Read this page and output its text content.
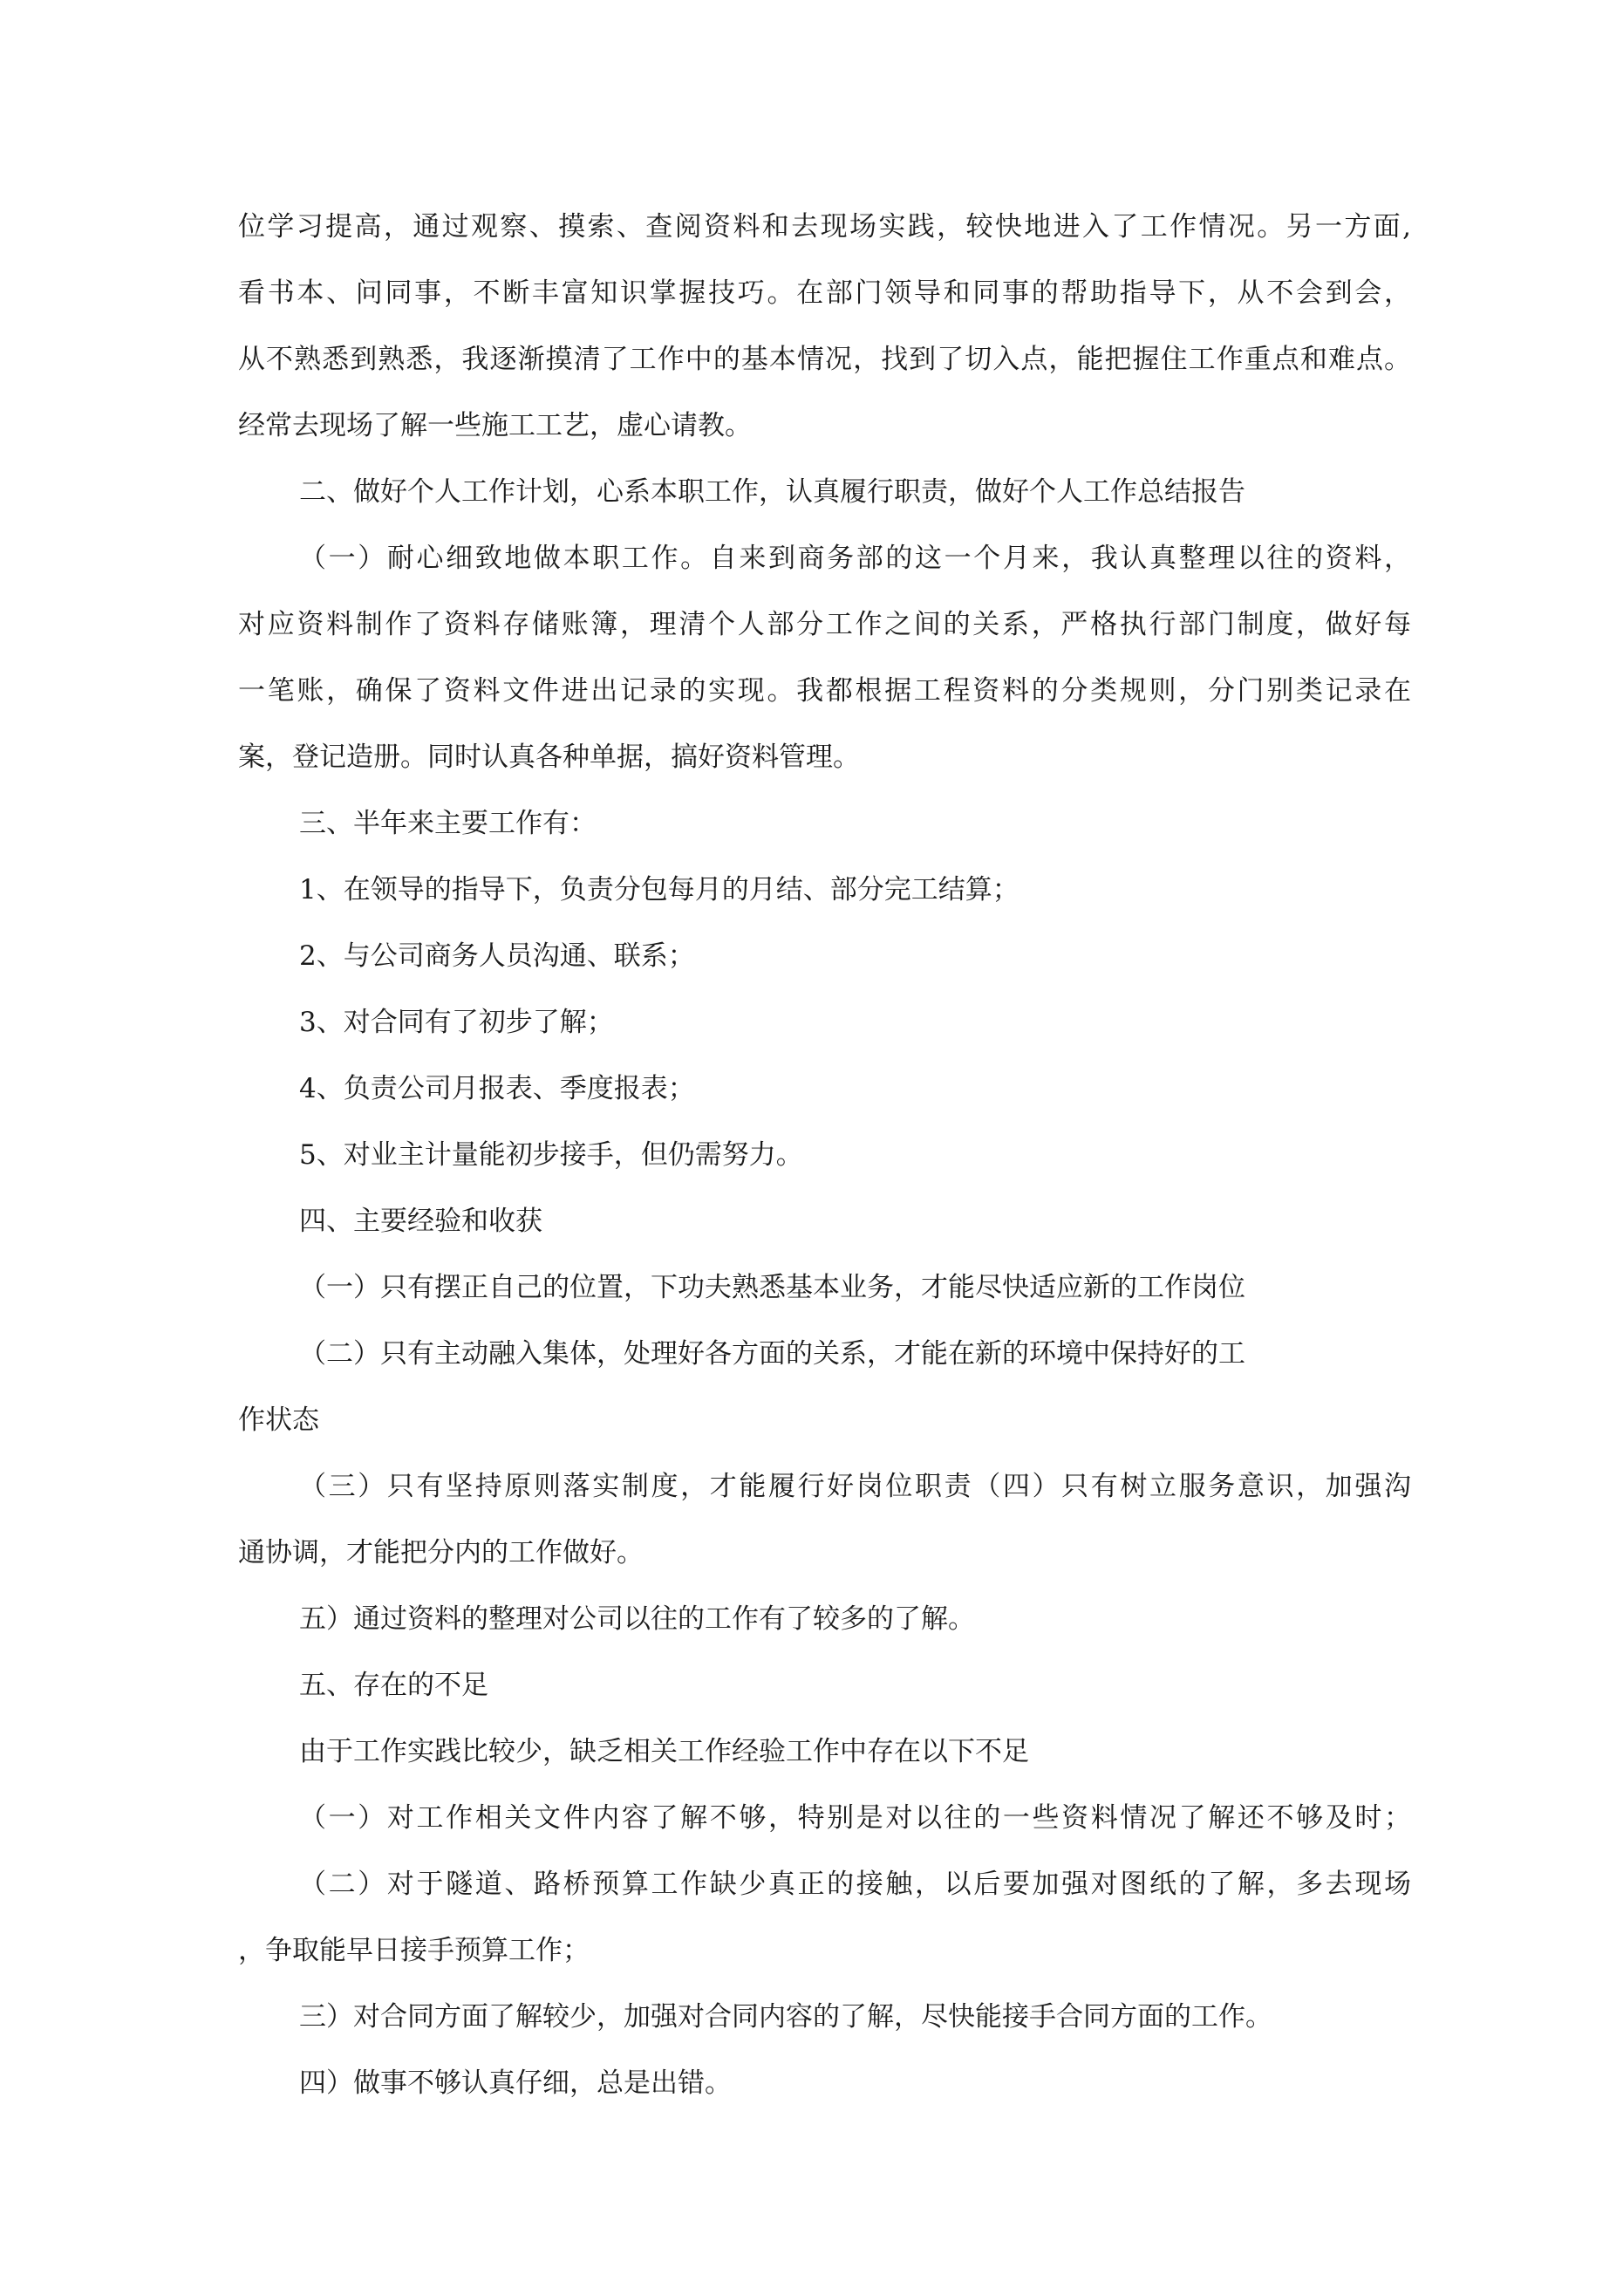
位学习提高，通过观察、摸索、查阅资料和去现场实践，较快地进入了工作情况。另一方面,
看书本、问同事，不断丰富知识掌握技巧。在部门领导和同事的帮助指导下，从不会到会，
从不熟悉到熟悉，我逐渐摸清了工作中的基本情况，找到了切入点，能把握住工作重点和难点。
经常去现场了解一些施工工艺，虚心请教。
二、做好个人工作计划，心系本职工作，认真履行职责，做好个人工作总结报告
（一）耐心细致地做本职工作。自来到商务部的这一个月来，我认真整理以往的资料，
对应资料制作了资料存储账簿，理清个人部分工作之间的关系，严格执行部门制度，做好每
一笔账，确保了资料文件进出记录的实现。我都根据工程资料的分类规则，分门别类记录在
案，登记造册。同时认真各种单据，搞好资料管理。
三、半年来主要工作有：
1、在领导的指导下，负责分包每月的月结、部分完工结算；
2、与公司商务人员沟通、联系；
3、对合同有了初步了解；
4、负责公司月报表、季度报表；
5、对业主计量能初步接手，但仍需努力。
四、主要经验和收获
（一）只有摆正自己的位置，下功夫熟悉基本业务，才能尽快适应新的工作岗位
（二）只有主动融入集体，处理好各方面的关系，才能在新的环境中保持好的工
作状态
（三）只有坚持原则落实制度，才能履行好岗位职责（四）只有树立服务意识，加强沟
通协调，才能把分内的工作做好。
五）通过资料的整理对公司以往的工作有了较多的了解。
五、存在的不足
由于工作实践比较少，缺乏相关工作经验工作中存在以下不足
（一）对工作相关文件内容了解不够，特别是对以往的一些资料情况了解还不够及时；
（二）对于隧道、路桥预算工作缺少真正的接触，以后要加强对图纸的了解，多去现场
，争取能早日接手预算工作；
三）对合同方面了解较少，加强对合同内容的了解，尽快能接手合同方面的工作。
四）做事不够认真仔细，总是出错。
